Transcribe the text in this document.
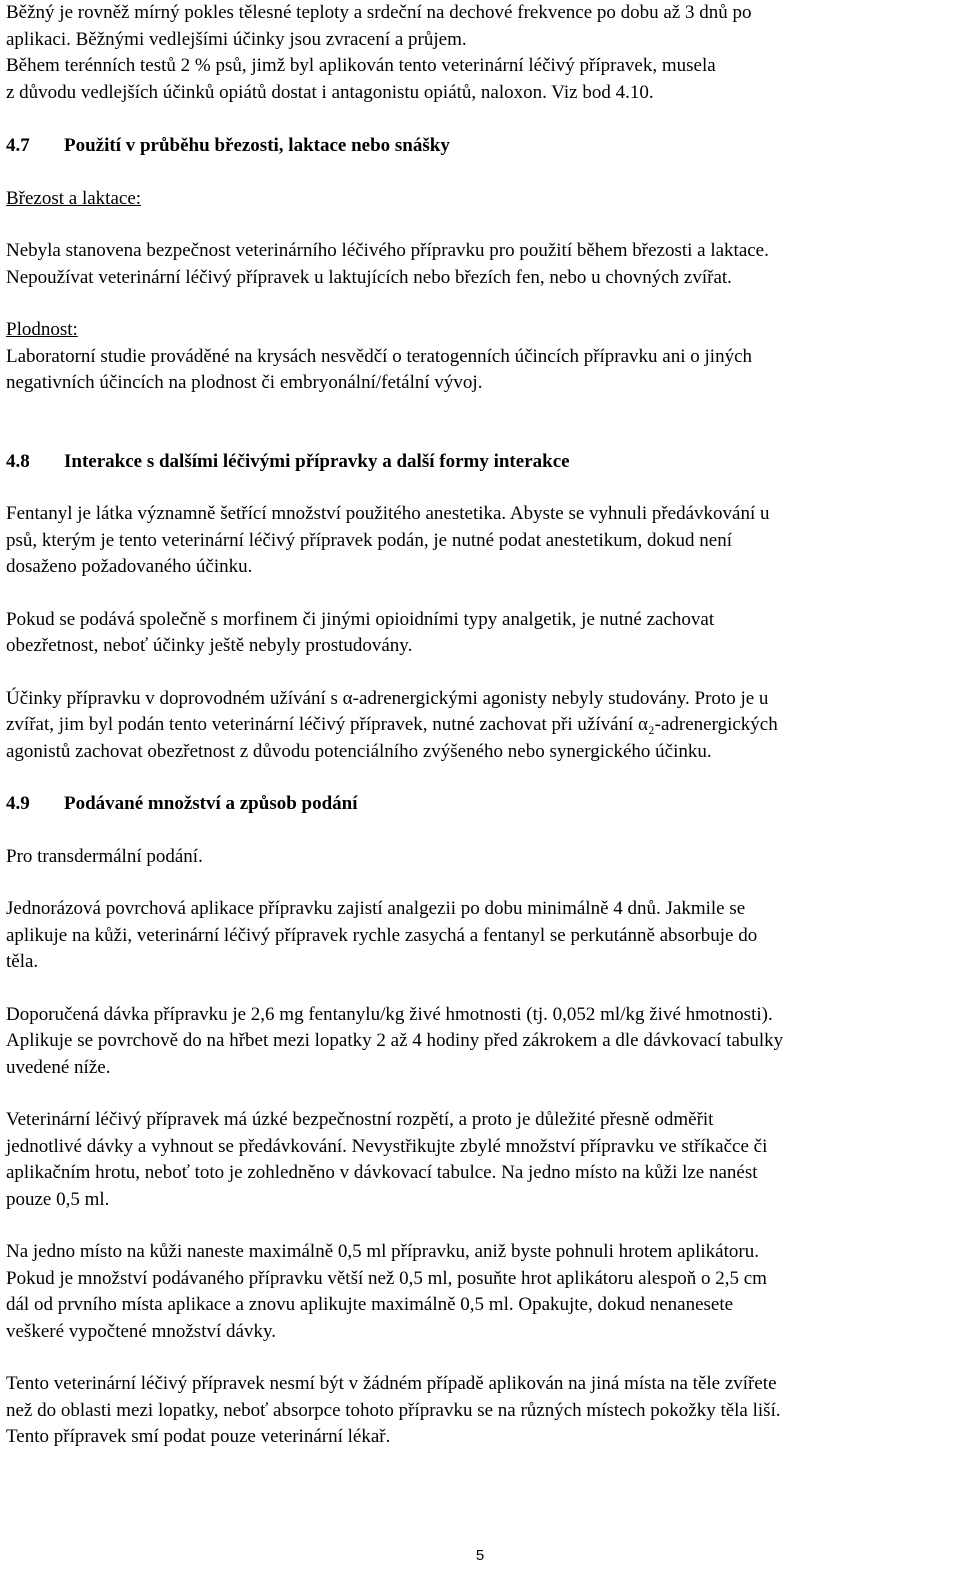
Běžný je rovněž mírný pokles tělesné teploty a srdeční na dechové frekvence po dobu až 3 dnů po
aplikaci. Běžnými vedlejšími účinky jsou zvracení a průjem.
Během terénních testů 2 % psů, jimž byl aplikován tento veterinární léčivý přípravek, musela
z důvodu vedlejších účinků opiátů dostat i antagonistu opiátů, naloxon. Viz bod 4.10.

4.7	Použití v průběhu březosti, laktace nebo snášky

Březost a laktace:

Nebyla stanovena bezpečnost veterinárního léčivého přípravku pro použití během březosti a laktace.
Nepoužívat veterinární léčivý přípravek u laktujících nebo březích fen, nebo u chovných zvířat.

Plodnost:

Laboratorní studie prováděné na krysách nesvědčí o teratogenních účincích přípravku ani o jiných
negativních účincích na plodnost či embryonální/fetální vývoj.

4.8	Interakce s dalšími léčivými přípravky a další formy interakce

Fentanyl je látka významně šetřící množství použitého anestetika. Abyste se vyhnuli předávkování u
psů, kterým je tento veterinární léčivý přípravek podán, je nutné podat anestetikum, dokud není
dosaženo požadovaného účinku.

Pokud se podává společně s morfinem či jinými opioidními typy analgetik, je nutné zachovat
obezřetnost, neboť účinky ještě nebyly prostudovány.

Účinky přípravku v doprovodném užívání s α-adrenergickými agonisty nebyly studovány. Proto je u
zvířat, jim byl podán tento veterinární léčivý přípravek, nutné zachovat při užívání α₂-adrenergických
agonistů zachovat obezřetnost z důvodu potenciálního zvýšeného nebo synergického účinku.

4.9	Podávané množství a způsob podání

Pro transdermální podání.

Jednorázová povrchová aplikace přípravku zajistí analgezii po dobu minimálně 4 dnů. Jakmile se
aplikuje na kůži, veterinární léčivý přípravek rychle zasychá a fentanyl se perkutánně absorbuje do
těla.

Doporučená dávka přípravku je 2,6 mg fentanylu/kg živé hmotnosti (tj. 0,052 ml/kg živé hmotnosti).
Aplikuje se povrchově do na hřbet mezi lopatky 2 až 4 hodiny před zákrokem a dle dávkovací tabulky
uvedené níže.

Veterinární léčivý přípravek má úzké bezpečnostní rozpětí, a proto je důležité přesně odměřit
jednotlivé dávky a vyhnout se předávkování. Nevystřikujte zbylé množství přípravku ve stříkačce či
aplikačním hrotu, neboť toto je zohledněno v dávkovací tabulce. Na jedno místo na kůži lze nanést
pouze 0,5 ml.

Na jedno místo na kůži naneste maximálně 0,5 ml přípravku, aniž byste pohnuli hrotem aplikátoru.
Pokud je množství podávaného přípravku větší než 0,5 ml, posuňte hrot aplikátoru alespoň o 2,5 cm
dál od prvního místa aplikace a znovu aplikujte maximálně 0,5 ml. Opakujte, dokud nenanesete
veškeré vypočtené množství dávky.

Tento veterinární léčivý přípravek nesmí být v žádném případě aplikován na jiná místa na těle zvířete
než do oblasti mezi lopatky, neboť absorpce tohoto přípravku se na různých místech pokožky těla liší.
Tento přípravek smí podat pouze veterinární lékař.

5
